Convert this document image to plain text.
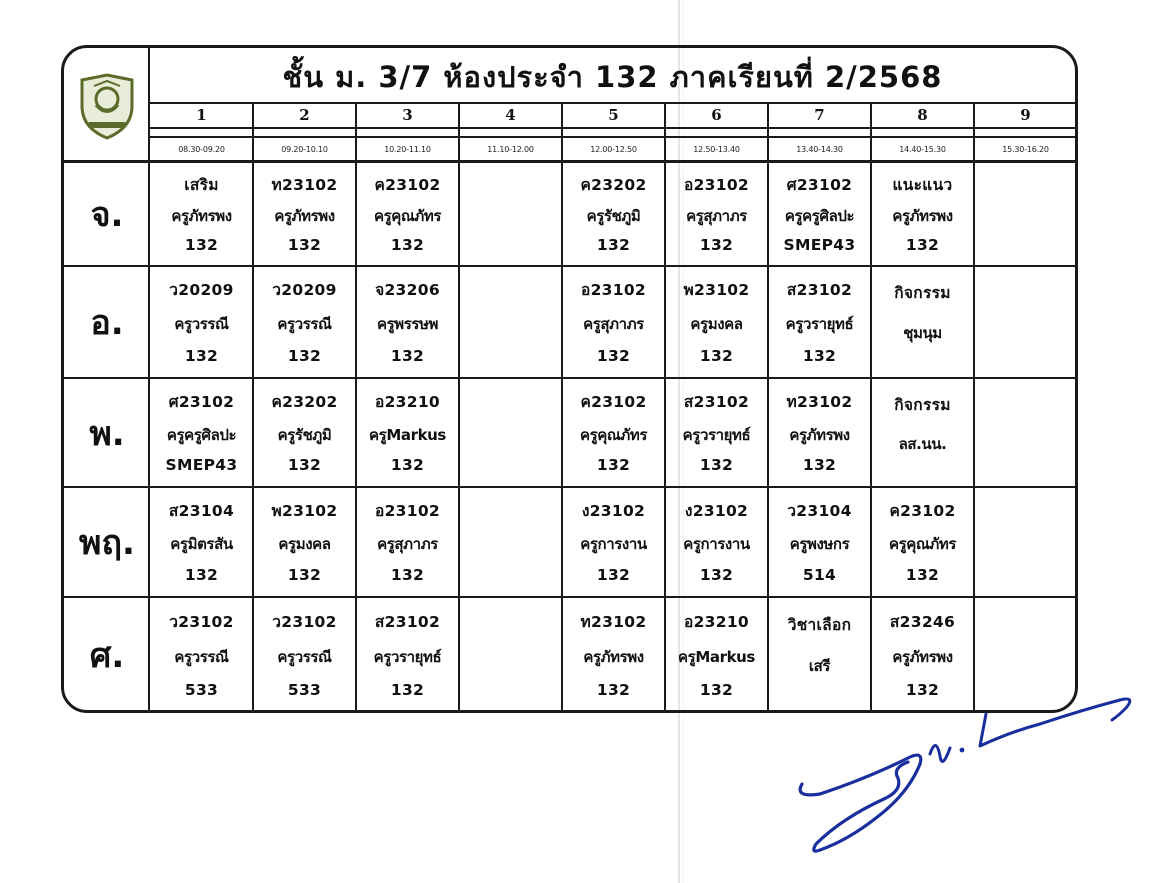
ชั้น ม. 3/7 ห้องประจำ 132 ภาคเรียนที่ 2/2568
1
08.30-09.20
2
09.20-10.10
3
10.20-11.10
4
11.10-12.00
5
12.00-12.50
6
12.50-13.40
7
13.40-14.30
8
14.40-15.30
9
15.30-16.20
จ.
เสริม
ครูภัทรพง
132
ท23102
ครูภัทรพง
132
ค23102
ครูคุณภัทร
132
ค23202
ครูรัชภูมิ
132
อ23102
ครูสุภาภร
132
ศ23102
ครูครูศิลปะ
SMEP43
แนะแนว
ครูภัทรพง
132
อ.
ว20209
ครูวรรณี
132
ว20209
ครูวรรณี
132
จ23206
ครูพรรษพ
132
อ23102
ครูสุภาภร
132
พ23102
ครูมงคล
132
ส23102
ครูวรายุทธ์
132
กิจกรรม
ชุมนุม
พ.
ศ23102
ครูครูศิลปะ
SMEP43
ค23202
ครูรัชภูมิ
132
อ23210
ครูMarkus
132
ค23102
ครูคุณภัทร
132
ส23102
ครูวรายุทธ์
132
ท23102
ครูภัทรพง
132
กิจกรรม
ลส.นน.
พฤ.
ส23104
ครูมิตรสัน
132
พ23102
ครูมงคล
132
อ23102
ครูสุภาภร
132
ง23102
ครูการงาน
132
ง23102
ครูการงาน
132
ว23104
ครูพงษกร
514
ค23102
ครูคุณภัทร
132
ศ.
ว23102
ครูวรรณี
533
ว23102
ครูวรรณี
533
ส23102
ครูวรายุทธ์
132
ท23102
ครูภัทรพง
132
อ23210
ครูMarkus
132
วิชาเลือก
เสรี
ส23246
ครูภัทรพง
132
